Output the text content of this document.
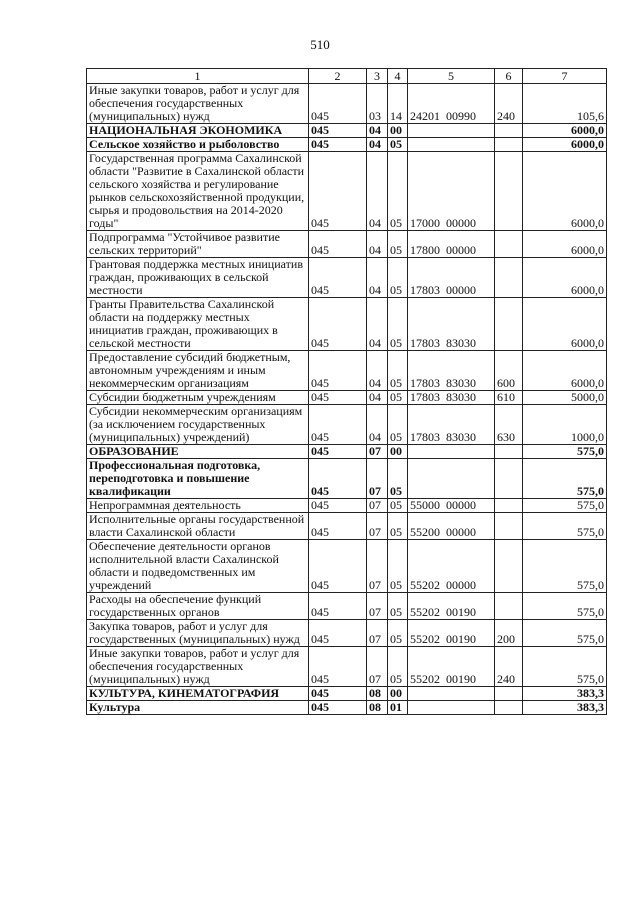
510
1	2	3	4	5	6	7
Иные закупки товаров, работ и услуг для обеспечения государственных (муниципальных) нужд	045	03	14	24201 00990	240	105,6
НАЦИОНАЛЬНАЯ ЭКОНОМИКА	045	04	00			6000,0
Сельское хозяйство и рыболовство	045	04	05			6000,0
Государственная программа Сахалинской области "Развитие в Сахалинской области сельского хозяйства и регулирование рынков сельскохозяйственной продукции, сырья и продовольствия на 2014-2020 годы"	045	04	05	17000 00000		6000,0
Подпрограмма "Устойчивое развитие сельских территорий"	045	04	05	17800 00000		6000,0
Грантовая поддержка местных инициатив граждан, проживающих в сельской местности	045	04	05	17803 00000		6000,0
Гранты Правительства Сахалинской области на поддержку местных инициатив граждан, проживающих в сельской местности	045	04	05	17803 83030		6000,0
Предоставление субсидий бюджетным, автономным учреждениям и иным некоммерческим организациям	045	04	05	17803 83030	600	6000,0
Субсидии бюджетным учреждениям	045	04	05	17803 83030	610	5000,0
Субсидии некоммерческим организациям (за исключением государственных (муниципальных) учреждений)	045	04	05	17803 83030	630	1000,0
ОБРАЗОВАНИЕ	045	07	00			575,0
Профессиональная подготовка, переподготовка и повышение квалификации	045	07	05			575,0
Непрограммная деятельность	045	07	05	55000 00000		575,0
Исполнительные органы государственной власти Сахалинской области	045	07	05	55200 00000		575,0
Обеспечение деятельности органов исполнительной власти Сахалинской области и подведомственных им учреждений	045	07	05	55202 00000		575,0
Расходы на обеспечение функций государственных органов	045	07	05	55202 00190		575,0
Закупка товаров, работ и услуг для государственных (муниципальных) нужд	045	07	05	55202 00190	200	575,0
Иные закупки товаров, работ и услуг для обеспечения государственных (муниципальных) нужд	045	07	05	55202 00190	240	575,0
КУЛЬТУРА, КИНЕМАТОГРАФИЯ	045	08	00			383,3
Культура	045	08	01			383,3
